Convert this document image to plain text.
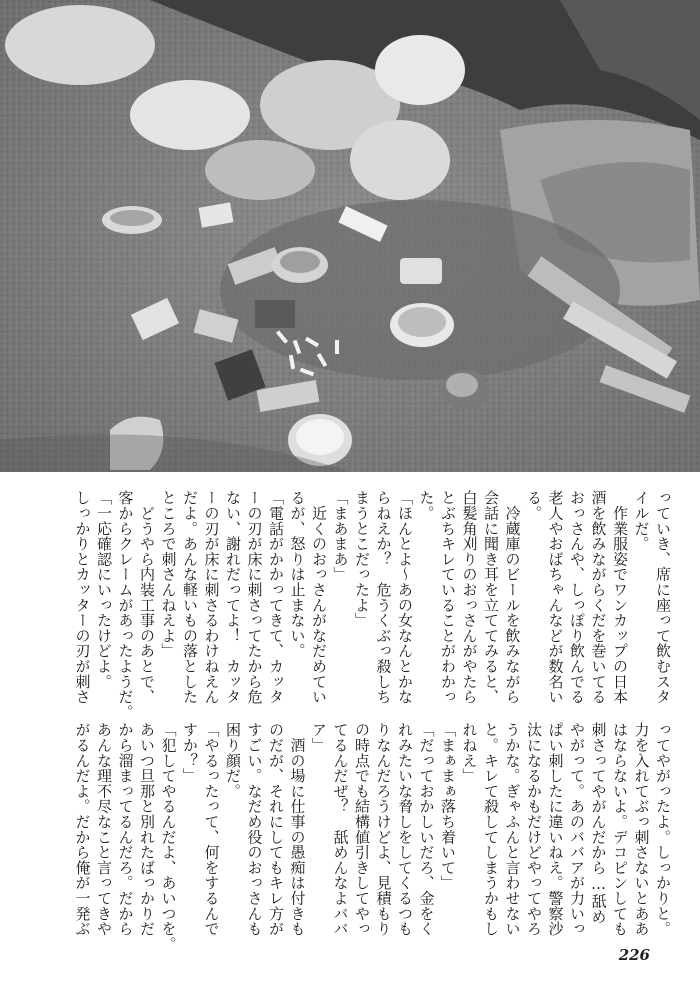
っていき、席に座って飲むスタ
イルだ。
　作業服姿でワンカップの日本
酒を飲みながらくだを巻いてる
おっさんや、しっぽり飲んでる
老人やおばちゃんなどが数名い
る。
　冷蔵庫のビールを飲みながら
会話に聞き耳を立ててみると、
白髪角刈りのおっさんがやたら
とぶちキレていることがわかっ
た。
「ほんとよ〜あの女なんとかな
らねえか？　危うくぶっ殺しち
まうとこだったよ」
「まあまあ」
　近くのおっさんがなだめてい
るが、怒りは止まない。
「電話がかかってきて、カッタ
ーの刃が床に刺さってたから危
ない、謝れだってよ！　カッタ
ーの刃が床に刺さるわけねえん
だよ。あんな軽いもの落とした
ところで刺さんねえよ」
　どうやら内装工事のあとで、
客からクレームがあったようだ。
「一応確認にいったけどよ。
しっかりとカッターの刃が刺さ
ってやがったよ。しっかりと。
力を入れてぶっ刺さないとああ
はならないよ。デコピンしても
刺さってやがんだから…舐め
やがって。あのババアが力いっ
ぱい刺したに違いねえ。警察沙
汰になるかもだけどやってやろ
うかな。ぎゃふんと言わせない
と。キレて殺してしまうかもし
れねえ」
「まぁまぁ落ち着いて」
「だっておかしいだろ、金をく
れみたいな脅しをしてくるつも
りなんだろうけどよ、見積もり
の時点でも結構値引きしてやっ
てるんだぜ？　舐めんなよババ
ア」
　酒の場に仕事の愚痴は付きも
のだが、それにしてもキレ方が
すごい。なだめ役のおっさんも
困り顔だ。
「やるったって、何をするんで
すか？」
「犯してやるんだよ、あいつを。
あいつ旦那と別れたばっかりだ
から溜まってるんだろ。だから
あんな理不尽なこと言ってきや
がるんだよ。だから俺が一発ぶ
226
